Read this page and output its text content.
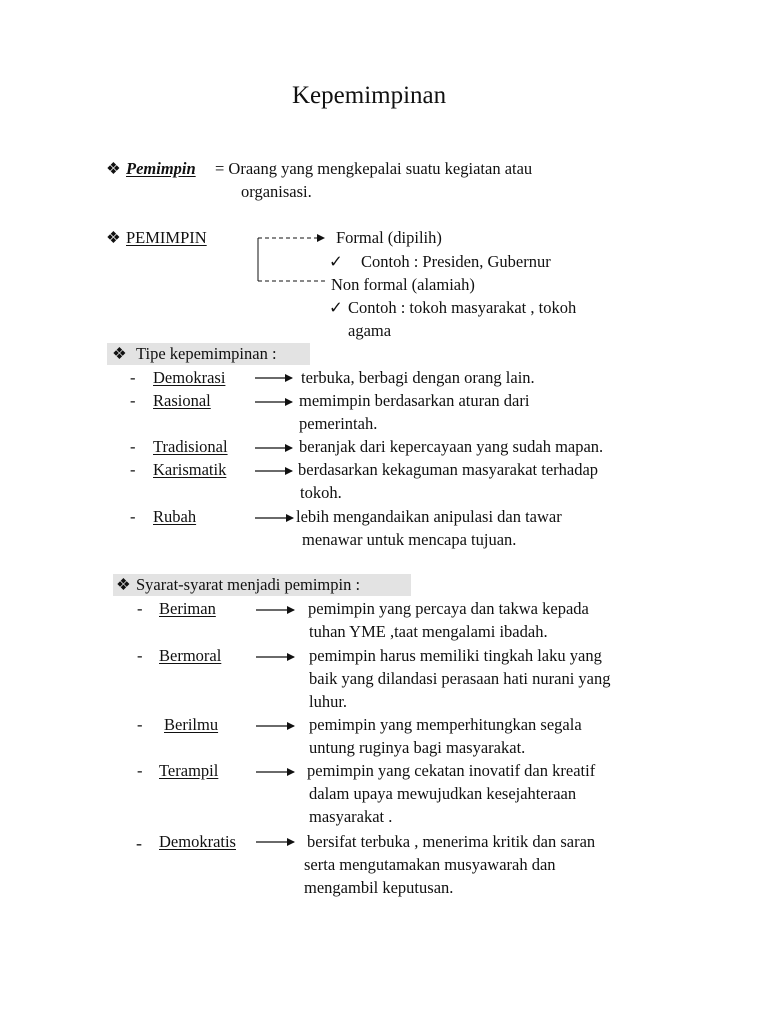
Kepemimpinan
❖ Pemimpin = Oraang yang mengkepalai suatu kegiatan atau
organisasi.
❖ PEMIMPIN	Formal (dipilih)
✓ Contoh : Presiden, Gubernur
Non formal (alamiah)
✓ Contoh : tokoh masyarakat , tokoh
agama
❖ Tipe kepemimpinan :
- Demokrasi	terbuka, berbagi dengan orang lain.
- Rasional	memimpin berdasarkan aturan dari
pemerintah.
- Tradisional	beranjak dari kepercayaan yang sudah mapan.
- Karismatik	berdasarkan kekaguman masyarakat terhadap
tokoh.
- Rubah	lebih mengandaikan anipulasi dan tawar
menawar untuk mencapa tujuan.
❖ Syarat-syarat menjadi pemimpin :
- Beriman	pemimpin yang percaya dan takwa kepada
tuhan YME ,taat mengalami ibadah.
- Bermoral	pemimpin harus memiliki tingkah laku yang
baik yang dilandasi perasaan hati nurani yang
luhur.
- Berilmu	pemimpin yang memperhitungkan segala
untung ruginya bagi masyarakat.
- Terampil	pemimpin yang cekatan inovatif dan kreatif
dalam upaya mewujudkan kesejahteraan
masyarakat .
- Demokratis	bersifat terbuka , menerima kritik dan saran
serta mengutamakan musyawarah dan
mengambil keputusan.
